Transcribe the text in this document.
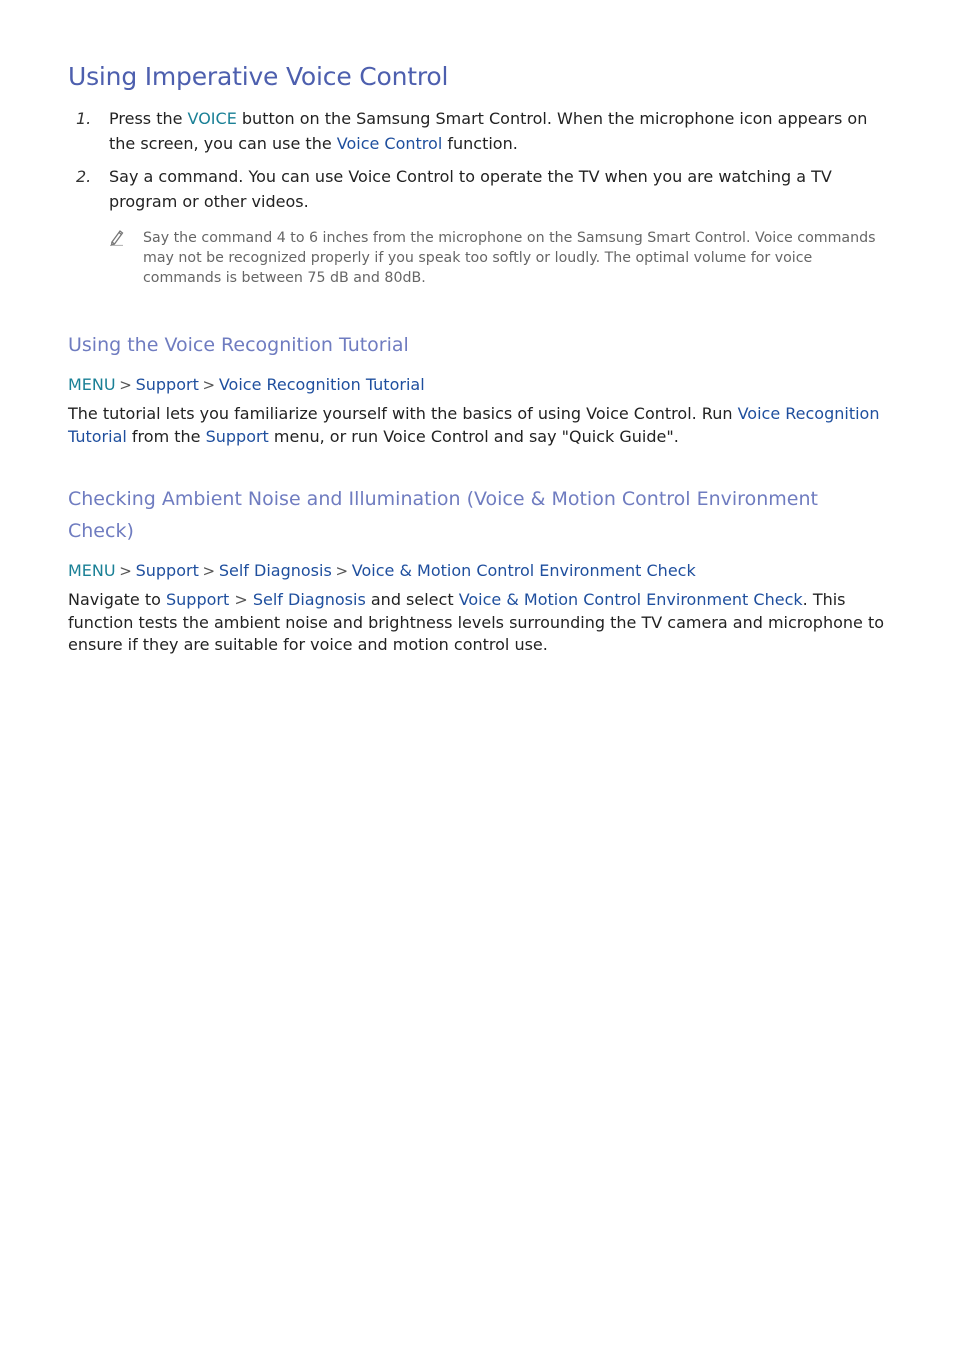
Using Imperative Voice Control
1.	Press the VOICE button on the Samsung Smart Control. When the microphone icon appears on the screen, you can use the Voice Control function.
2.	Say a command. You can use Voice Control to operate the TV when you are watching a TV program or other videos.
Say the command 4 to 6 inches from the microphone on the Samsung Smart Control. Voice commands may not be recognized properly if you speak too softly or loudly. The optimal volume for voice commands is between 75 dB and 80dB.
Using the Voice Recognition Tutorial
MENU > Support > Voice Recognition Tutorial
The tutorial lets you familiarize yourself with the basics of using Voice Control. Run Voice Recognition Tutorial from the Support menu, or run Voice Control and say "Quick Guide".
Checking Ambient Noise and Illumination (Voice & Motion Control Environment Check)
MENU > Support > Self Diagnosis > Voice & Motion Control Environment Check
Navigate to Support > Self Diagnosis and select Voice & Motion Control Environment Check. This function tests the ambient noise and brightness levels surrounding the TV camera and microphone to ensure if they are suitable for voice and motion control use.
